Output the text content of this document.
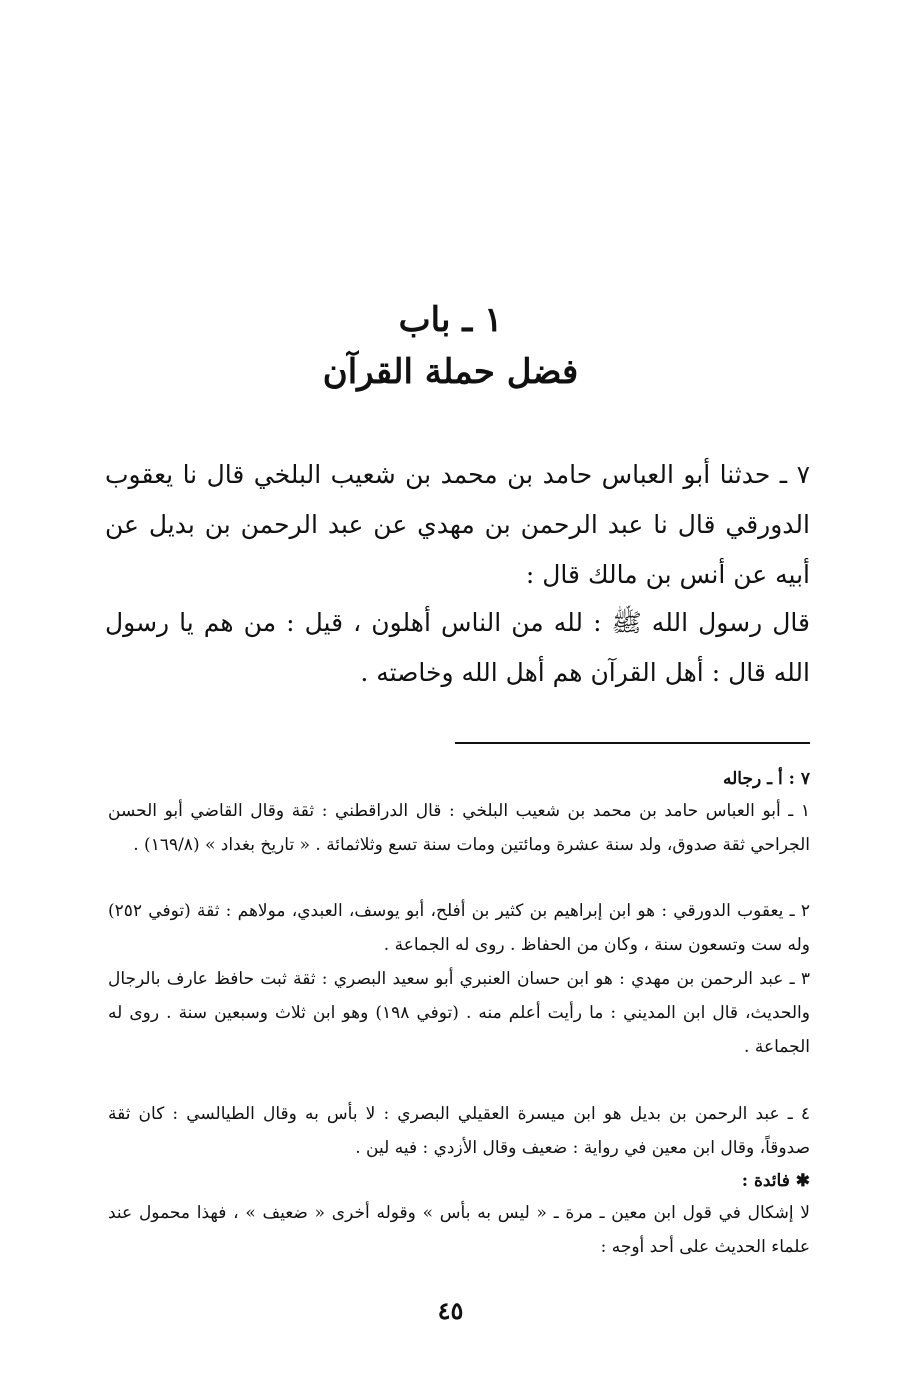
١ ـ باب
فضل حملة القرآن

٧ ـ حدثنا أبو العباس حامد بن محمد بن شعيب البلخي قال نا يعقوب الدورقي قال نا عبد الرحمن بن مهدي عن عبد الرحمن بن بديل عن أبيه عن أنس بن مالك قال :

قال رسول الله ﷺ : لله من الناس أهلون ، قيل : من هم يا رسول الله قال : أهل القرآن هم أهل الله وخاصته .

٧ : أ ـ رجاله
١ ـ أبو العباس حامد بن محمد بن شعيب البلخي : قال الدراقطني : ثقة وقال القاضي أبو الحسن الجراحي ثقة صدوق، ولد سنة عشرة ومائتين ومات سنة تسع وثلاثمائة . « تاريخ بغداد » (١٦٩/٨) .
٢ ـ يعقوب الدورقي : هو ابن إبراهيم بن كثير بن أفلح، أبو يوسف، العبدي، مولاهم : ثقة (توفي ٢٥٢) وله ست وتسعون سنة ، وكان من الحفاظ . روى له الجماعة .
٣ ـ عبد الرحمن بن مهدي : هو ابن حسان العنبري أبو سعيد البصري : ثقة ثبت حافظ عارف بالرجال والحديث، قال ابن المديني : ما رأيت أعلم منه . (توفي ١٩٨) وهو ابن ثلاث وسبعين سنة . روى له الجماعة .
٤ ـ عبد الرحمن بن بديل هو ابن ميسرة العقيلي البصري : لا بأس به وقال الطيالسي : كان ثقة صدوقاً، وقال ابن معين في رواية : ضعيف وقال الأزدي : فيه لين .
✱ فائدة :
لا إشكال في قول ابن معين ـ مرة ـ « ليس به بأس » وقوله أخرى « ضعيف » ، فهذا محمول عند علماء الحديث على أحد أوجه :
٤٥
